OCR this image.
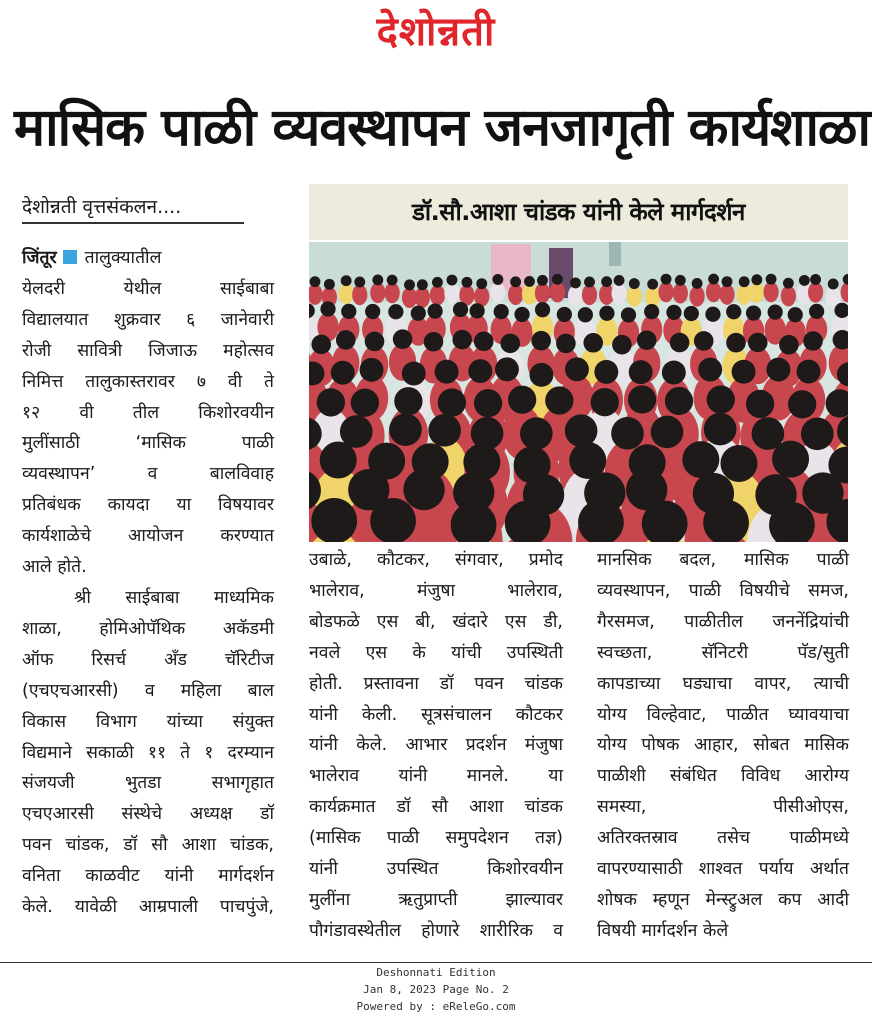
देशोन्नती
मासिक पाळी व्यवस्थापन जनजागृती कार्यशाळा
देशोन्नती वृत्तसंकलन....	डॉ.सौ.आशा चांडक यांनी केले मार्गदर्शन

जिंतूर तालुक्यातील

येलदरी येथील साईबाबा

विद्यालयात शुक्रवार ६ जानेवारी

रोजी सावित्री जिजाऊ महोत्सव

निमित्त तालुकास्तरावर ७ वी ते

१२ वी तील किशोरवयीन

मुलींसाठी ‘मासिक पाळी

व्यवस्थापन’ व बालविवाह

प्रतिबंधक कायदा या विषयावर

कार्यशाळेचे आयोजन करण्यात

आले होते.

श्री साईबाबा माध्यमिक

शाळा, होमिओपॅथिक अकॅडमी

ऑफ रिसर्च अँड चॅरिटीज

(एचएचआरसी) व महिला बाल

विकास विभाग यांच्या संयुक्त

विद्यमाने सकाळी ११ ते १ दरम्यान

संजयजी भुतडा सभागृहात

एचएआरसी संस्थेचे अध्यक्ष डॉ

पवन चांडक, डॉ सौ आशा चांडक,

वनिता काळवीट यांनी मार्गदर्शन

केले. यावेळी आम्रपाली पाचपुंजे,

उबाळे, कौटकर, संगवार, प्रमोद

भालेराव, मंजुषा भालेराव,

बोडफळे एस बी, खंदारे एस डी,

नवले एस के यांची उपस्थिती

होती. प्रस्तावना डॉ पवन चांडक

यांनी केली. सूत्रसंचालन कौटकर

यांनी केले. आभार प्रदर्शन मंजुषा

भालेराव यांनी मानले. या

कार्यक्रमात डॉ सौ आशा चांडक

(मासिक पाळी समुपदेशन तज्ञ)

यांनी उपस्थित किशोरवयीन

मुलींना ऋतुप्राप्ती झाल्यावर

पौगंडावस्थेतील होणारे शारीरिक व

मानसिक बदल, मासिक पाळी

व्यवस्थापन, पाळी विषयीचे समज,

गैरसमज, पाळीतील जननेंद्रियांची

स्वच्छता, सॅनिटरी पॅड/सुती

कापडाच्या घड्याचा वापर, त्याची

योग्य विल्हेवाट, पाळीत घ्यावयाचा

योग्य पोषक आहार, सोबत मासिक

पाळीशी संबंधित विविध आरोग्य

समस्या, पीसीओएस,

अतिरक्तस्राव तसेच पाळीमध्ये

वापरण्यासाठी शाश्वत पर्याय अर्थात

शोषक म्हणून मेन्स्ट्रुअल कप आदी

विषयी मार्गदर्शन केले

Deshonnati Edition
Jan 8, 2023 Page No. 2
Powered by : eReleGo.com
